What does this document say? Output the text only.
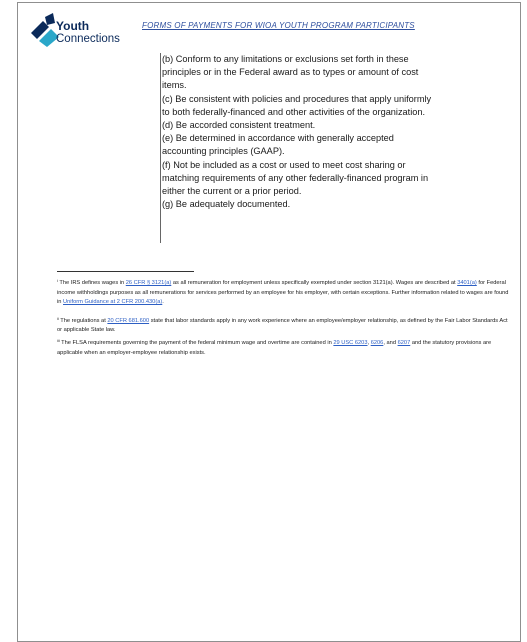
Youth
Connections
FORMS OF PAYMENTS FOR WIOA YOUTH PROGRAM PARTICIPANTS

(b) Conform to any limitations or exclusions set forth in these

principles or in the Federal award as to types or amount of cost

items.

(c) Be consistent with policies and procedures that apply uniformly

to both federally-financed and other activities of the organization.

(d) Be accorded consistent treatment.

(e) Be determined in accordance with generally accepted

accounting principles (GAAP).

(f) Not be included as a cost or used to meet cost sharing or

matching requirements of any other federally-financed program in

either the current or a prior period.

(g) Be adequately documented.

$^i$ The IRS defines wages in 26 CFR § 3121(a) as all remuneration for employment unless specifically exempted under section 3121(a). Wages are described at 3401(a) for Federal income withholdings purposes as all remunerations for services performed by an employee for his employer, with certain exceptions. Further information related to wages are found in Uniform Guidance at 2 CFR 200.430(a).

$^{ii}$ The regulations at 20 CFR 681.600 state that labor standards apply in any work experience where an employee/employer relationship, as defined by the Fair Labor Standards Act or applicable State law.

$^{iii}$ The FLSA requirements governing the payment of the federal minimum wage and overtime are contained in 29 USC 6203, 6206, and 6207 and the statutory provisions are applicable when an employer-employee relationship exists.
